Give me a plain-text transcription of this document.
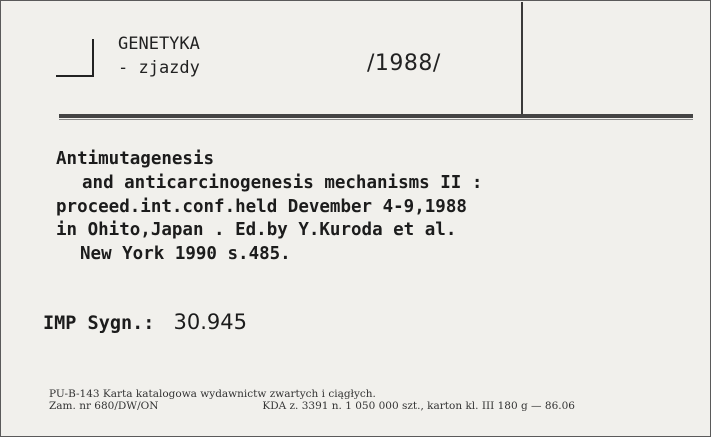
GENETYKA
- zjazdy	/1988/
Antimutagenesis
and anticarcinogenesis mechanisms II :
proceed.int.conf.held Devember 4-9,1988
in Ohito,Japan . Ed.by Y.Kuroda et al.
New York 1990 s.485.
IMP Sygn.: 30.945
PU-B-143 Karta katalogowa wydawnictw zwartych i ciągłych.
Zam. nr 680/DW/ON	KDA z. 3391 n. 1 050 000 szt., karton kl. III 180 g — 86.06
